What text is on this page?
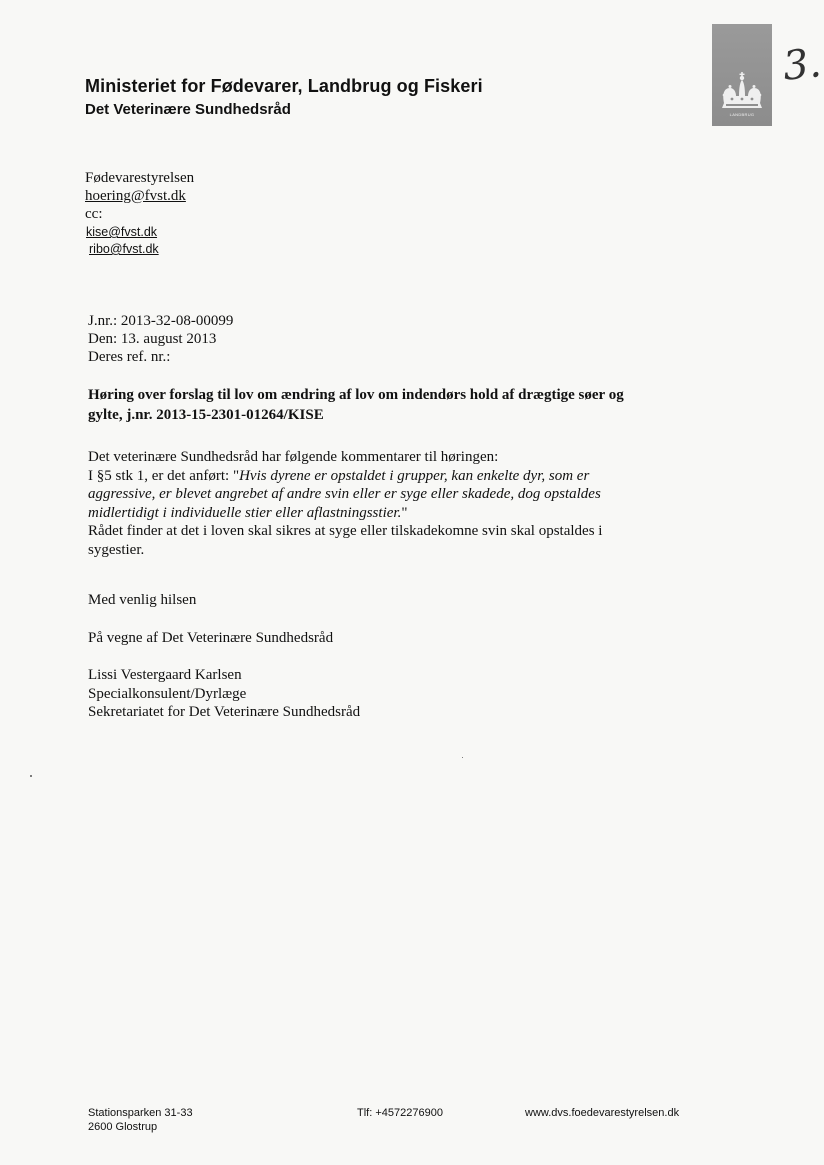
Ministeriet for Fødevarer, Landbrug og Fiskeri
Det Veterinære Sundhedsråd	LANDBRUG
3.
Fødevarestyrelsen
hoering@fvst.dk
cc:
kise@fvst.dk
ribo@fvst.dk
J.nr.: 2013-32-08-00099
Den: 13. august 2013
Deres ref. nr.:
Høring over forslag til lov om ændring af lov om indendørs hold af drægtige søer og
gylte, j.nr. 2013-15-2301-01264/KISE

Det veterinære Sundhedsråd har følgende kommentarer til høringen:

I §5 stk 1, er det anført: "Hvis dyrene er opstaldet i grupper, kan enkelte dyr, som er

aggressive, er blevet angrebet af andre svin eller er syge eller skadede, dog opstaldes

midlertidigt i individuelle stier eller aflastningsstier."

Rådet finder at det i loven skal sikres at syge eller tilskadekomne svin skal opstaldes i

sygestier.

Med venlig hilsen

På vegne af Det Veterinære Sundhedsråd

Lissi Vestergaard Karlsen

Specialkonsulent/Dyrlæge

Sekretariatet for Det Veterinære Sundhedsråd

Stationsparken 31-33
2600 Glostrup
Tlf: +4572276900	www.dvs.foedevarestyrelsen.dk
